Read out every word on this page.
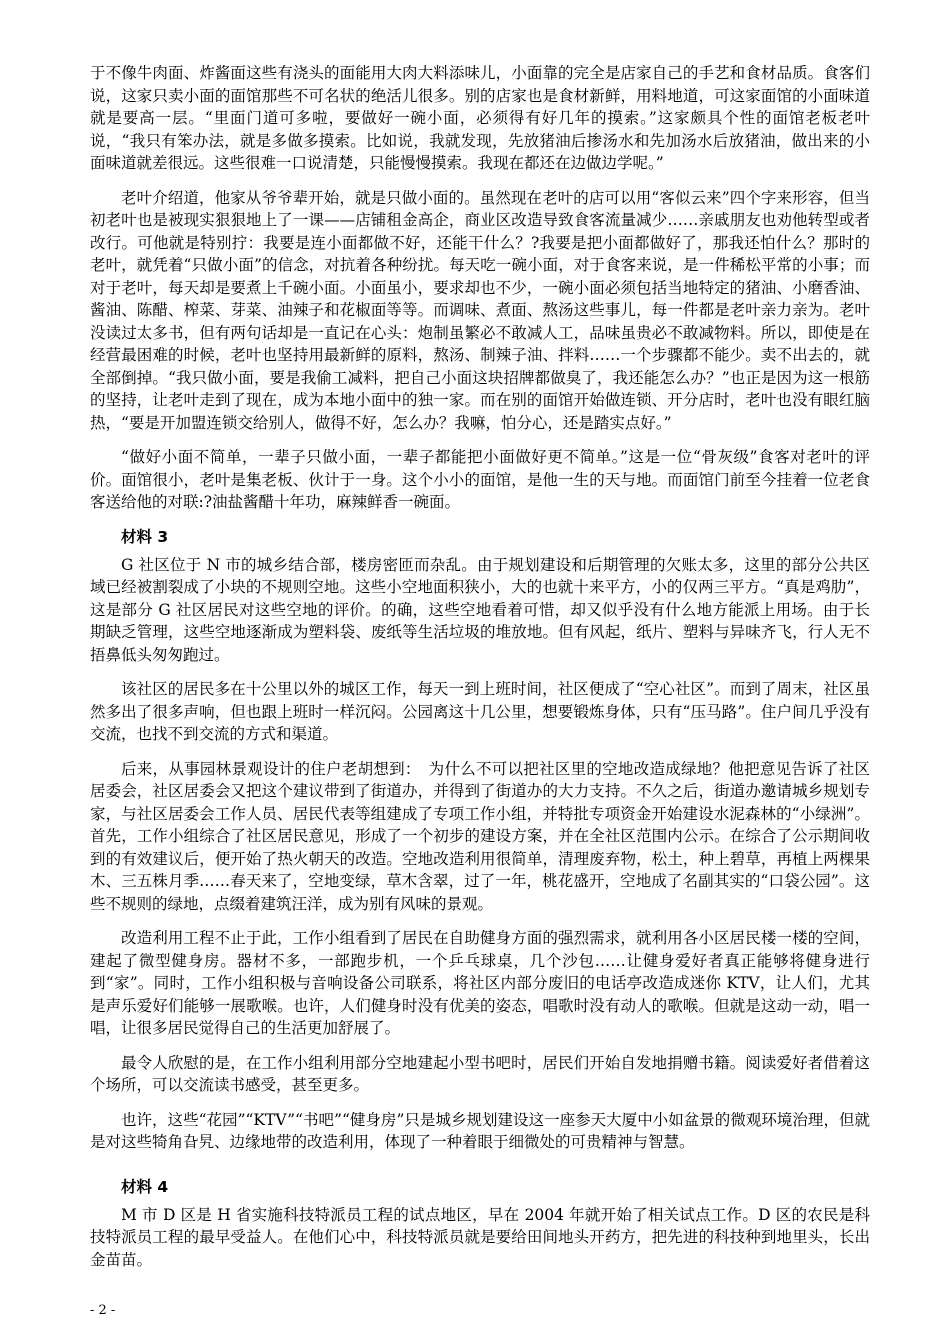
于不像牛肉面、炸酱面这些有浇头的面能用大肉大料添味儿，小面靠的完全是店家自己的手艺和食材品质。食客们说，这家只卖小面的面馆那些不可名状的绝活儿很多。别的店家也是食材新鲜，用料地道，可这家面馆的小面味道就是要高一层。“里面门道可多啦，要做好一碗小面，必须得有好几年的摸索。”这家颇具个性的面馆老板老叶说，“我只有笨办法，就是多做多摸索。比如说，我就发现，先放猪油后掺汤水和先加汤水后放猪油，做出来的小面味道就差很远。这些很难一口说清楚，只能慢慢摸索。我现在都还在边做边学呢。”

老叶介绍道，他家从爷爷辈开始，就是只做小面的。虽然现在老叶的店可以用“客似云来”四个字来形容，但当初老叶也是被现实狠狠地上了一课——店铺租金高企，商业区改造导致食客流量减少……亲戚朋友也劝他转型或者改行。可他就是特别拧：我要是连小面都做不好，还能干什么？?我要是把小面都做好了，那我还怕什么？那时的老叶，就凭着“只做小面”的信念，对抗着各种纷扰。每天吃一碗小面，对于食客来说，是一件稀松平常的小事；而对于老叶，每天却是要煮上千碗小面。小面虽小，要求却也不少，一碗小面必须包括当地特定的猪油、小磨香油、酱油、陈醋、榨菜、芽菜、油辣子和花椒面等等。而调味、煮面、熬汤这些事儿，每一件都是老叶亲力亲为。老叶没读过太多书，但有两句话却是一直记在心头：炮制虽繁必不敢减人工，品味虽贵必不敢减物料。所以，即使是在经营最困难的时候，老叶也坚持用最新鲜的原料，熬汤、制辣子油、拌料……一个步骤都不能少。卖不出去的，就全部倒掉。“我只做小面，要是我偷工减料，把自己小面这块招牌都做臭了，我还能怎么办？”也正是因为这一根筋的坚持，让老叶走到了现在，成为本地小面中的独一家。而在别的面馆开始做连锁、开分店时，老叶也没有眼红脑热，“要是开加盟连锁交给别人，做得不好，怎么办？我嘛，怕分心，还是踏实点好。”

“做好小面不简单，一辈子只做小面，一辈子都能把小面做好更不简单。”这是一位“骨灰级”食客对老叶的评价。面馆很小，老叶是集老板、伙计于一身。这个小小的面馆，是他一生的天与地。而面馆门前至今挂着一位老食客送给他的对联:?油盐酱醋十年功，麻辣鲜香一碗面。

材料 3

G 社区位于 N 市的城乡结合部，楼房密匝而杂乱。由于规划建设和后期管理的欠账太多，这里的部分公共区域已经被割裂成了小块的不规则空地。这些小空地面积狭小，大的也就十来平方，小的仅两三平方。“真是鸡肋”，这是部分 G 社区居民对这些空地的评价。的确，这些空地看着可惜，却又似乎没有什么地方能派上用场。由于长期缺乏管理，这些空地逐渐成为塑料袋、废纸等生活垃圾的堆放地。但有风起，纸片、塑料与异味齐飞，行人无不捂鼻低头匆匆跑过。

该社区的居民多在十公里以外的城区工作，每天一到上班时间，社区便成了“空心社区”。而到了周末，社区虽然多出了很多声响，但也跟上班时一样沉闷。公园离这十几公里，想要锻炼身体，只有“压马路”。住户间几乎没有交流，也找不到交流的方式和渠道。

后来，从事园林景观设计的住户老胡想到：　为什么不可以把社区里的空地改造成绿地？他把意见告诉了社区居委会，社区居委会又把这个建议带到了街道办，并得到了街道办的大力支持。不久之后，街道办邀请城乡规划专家，与社区居委会工作人员、居民代表等组建成了专项工作小组，并特批专项资金开始建设水泥森林的“小绿洲”。首先，工作小组综合了社区居民意见，形成了一个初步的建设方案，并在全社区范围内公示。在综合了公示期间收到的有效建议后，便开始了热火朝天的改造。空地改造利用很简单，清理废弃物，松土，种上碧草，再植上两棵果木、三五株月季……春天来了，空地变绿，草木含翠，过了一年，桃花盛开，空地成了名副其实的“口袋公园”。这些不规则的绿地，点缀着建筑汪洋，成为别有风味的景观。

改造利用工程不止于此，工作小组看到了居民在自助健身方面的强烈需求，就利用各小区居民楼一楼的空间，建起了微型健身房。器材不多，一部跑步机，一个乒乓球桌，几个沙包……让健身爱好者真正能够将健身进行到“家”。同时，工作小组积极与音响设备公司联系，将社区内部分废旧的电话亭改造成迷你 KTV，让人们，尤其是声乐爱好们能够一展歌喉。也许，人们健身时没有优美的姿态，唱歌时没有动人的歌喉。但就是这动一动，唱一唱，让很多居民觉得自己的生活更加舒展了。

最令人欣慰的是，在工作小组利用部分空地建起小型书吧时，居民们开始自发地捐赠书籍。阅读爱好者借着这个场所，可以交流读书感受，甚至更多。

也许，这些“花园”“KTV”“书吧”“健身房”只是城乡规划建设这一座参天大厦中小如盆景的微观环境治理，但就是对这些犄角旮旯、边缘地带的改造利用，体现了一种着眼于细微处的可贵精神与智慧。

材料 4

M 市 D 区是 H 省实施科技特派员工程的试点地区，早在 2004 年就开始了相关试点工作。D 区的农民是科技特派员工程的最早受益人。在他们心中，科技特派员就是要给田间地头开药方，把先进的科技种到地里头，长出金苗苗。

- 2 -
